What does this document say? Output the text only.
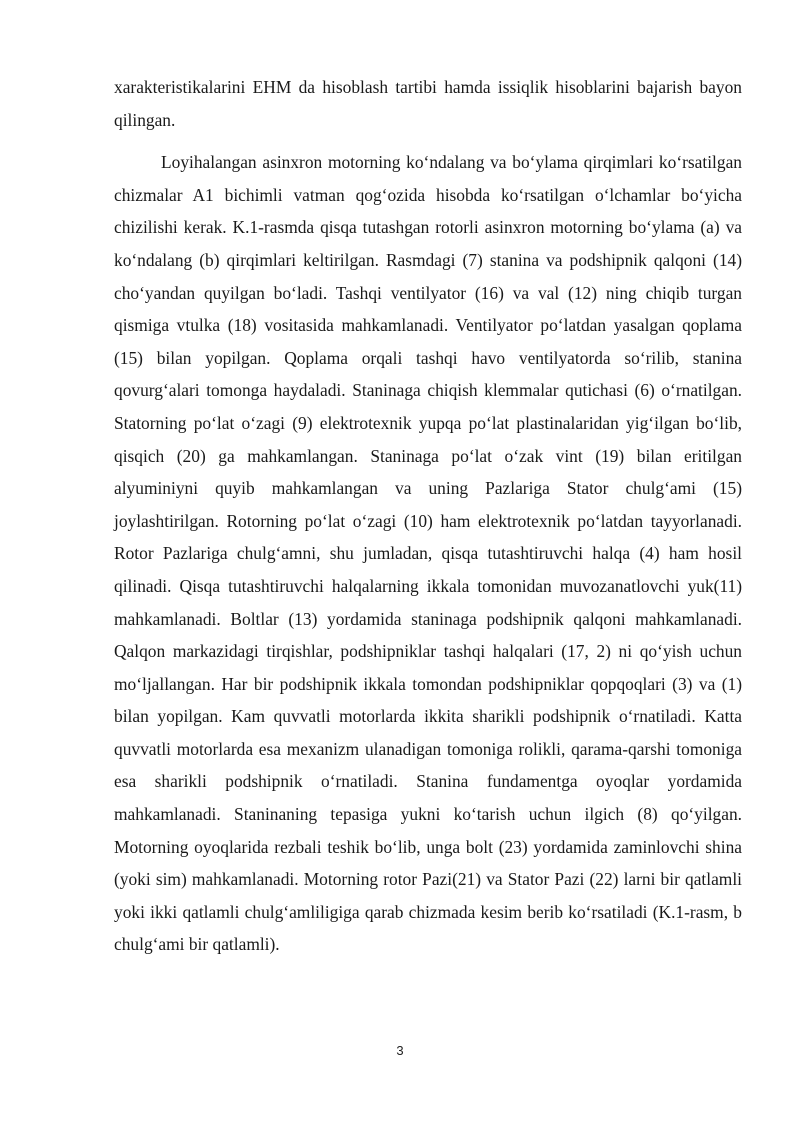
xarakteristikalarini EHM da hisoblash tartibi hamda issiqlik hisoblarini bajarish bayon qilingan.

Loyihalangan asinxron motorning ko‘ndalang va bo‘ylama qirqimlari ko‘rsatilgan chizmalar A1 bichimli vatman qog‘ozida hisobda ko‘rsatilgan o‘lchamlar bo‘yicha chizilishi kerak. K.1-rasmda qisqa tutashgan rotorli asinxron motorning bo‘ylama (a) va ko‘ndalang (b) qirqimlari keltirilgan. Rasmdagi (7) stanina va podshipnik qalqoni (14) cho‘yandan quyilgan bo‘ladi. Tashqi ventilyator (16) va val (12) ning chiqib turgan qismiga vtulka (18) vositasida mahkamlanadi. Ventilyator po‘latdan yasalgan qoplama (15) bilan yopilgan. Qoplama orqali tashqi havo ventilyatorda so‘rilib, stanina qovurg‘alari tomonga haydaladi. Staninaga chiqish klemmalar qutichasi (6) o‘rnatilgan. Statorning po‘lat o‘zagi (9) elektrotexnik yupqa po‘lat plastinalaridan yig‘ilgan bo‘lib, qisqich (20) ga mahkamlangan. Staninaga po‘lat o‘zak vint (19) bilan eritilgan alyuminiyni quyib mahkamlangan va uning Pazlariga Stator chulg‘ami (15) joylashtirilgan. Rotorning po‘lat o‘zagi (10) ham elektrotexnik po‘latdan tayyorlanadi. Rotor Pazlariga chulg‘amni, shu jumladan, qisqa tutashtiruvchi halqa (4) ham hosil qilinadi. Qisqa tutashtiruvchi halqalarning ikkala tomonidan muvozanatlovchi yuk(11) mahkamlanadi. Boltlar (13) yordamida staninaga podshipnik qalqoni mahkamlanadi. Qalqon markazidagi tirqishlar, podshipniklar tashqi halqalari (17, 2) ni qo‘yish uchun mo‘ljallangan. Har bir podshipnik ikkala tomondan podshipniklar qopqoqlari (3) va (1) bilan yopilgan. Kam quvvatli motorlarda ikkita sharikli podshipnik o‘rnatiladi. Katta quvvatli motorlarda esa mexanizm ulanadigan tomoniga rolikli, qarama-qarshi tomoniga esa sharikli podshipnik o‘rnatiladi. Stanina fundamentga oyoqlar yordamida mahkamlanadi. Staninaning tepasiga yukni ko‘tarish uchun ilgich (8) qo‘yilgan. Motorning oyoqlarida rezbali teshik bo‘lib, unga bolt (23) yordamida zaminlovchi shina (yoki sim) mahkamlanadi. Motorning rotor Pazi(21) va Stator Pazi (22) larni bir qatlamli yoki ikki qatlamli chulg‘amliligiga qarab chizmada kesim berib ko‘rsatiladi (K.1-rasm, b chulg‘ami bir qatlamli).

3
